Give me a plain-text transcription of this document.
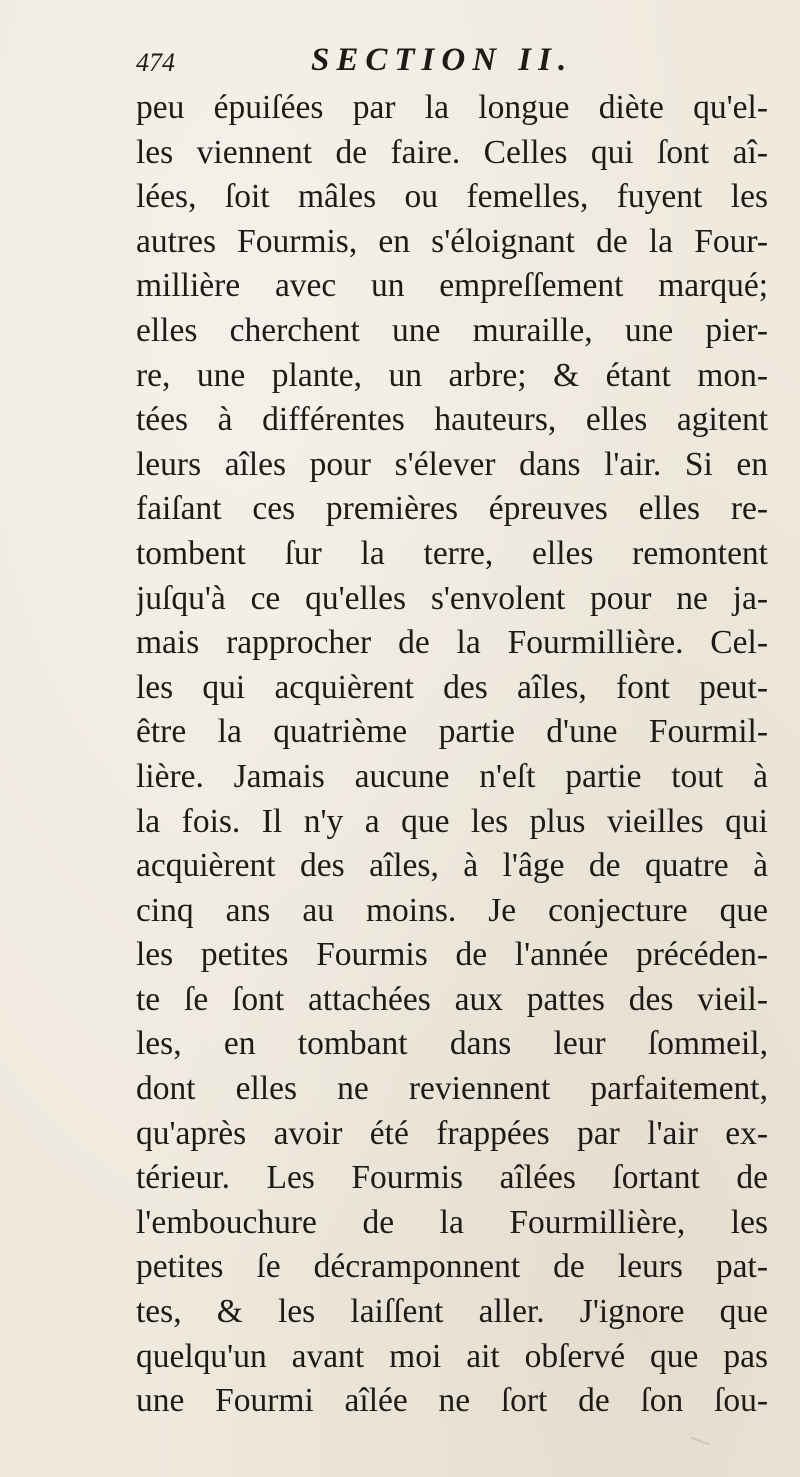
474	SECTION II.
peu épuiſées par la longue diète qu'el-
les viennent de faire. Celles qui ſont aî-
lées, ſoit mâles ou femelles, fuyent les
autres Fourmis, en s'éloignant de la Four-
millière avec un empreſſement marqué;
elles cherchent une muraille, une pier-
re, une plante, un arbre; & étant mon-
tées à différentes hauteurs, elles agitent
leurs aîles pour s'élever dans l'air. Si en
faiſant ces premières épreuves elles re-
tombent ſur la terre, elles remontent
juſqu'à ce qu'elles s'envolent pour ne ja-
mais rapprocher de la Fourmillière. Cel-
les qui acquièrent des aîles, font peut-
être la quatrième partie d'une Fourmil-
lière. Jamais aucune n'eſt partie tout à
la fois. Il n'y a que les plus vieilles qui
acquièrent des aîles, à l'âge de quatre à
cinq ans au moins. Je conjecture que
les petites Fourmis de l'année précéden-
te ſe ſont attachées aux pattes des vieil-
les, en tombant dans leur ſommeil,
dont elles ne reviennent parfaitement,
qu'après avoir été frappées par l'air ex-
térieur. Les Fourmis aîlées ſortant de
l'embouchure de la Fourmillière, les
petites ſe décramponnent de leurs pat-
tes, & les laiſſent aller. J'ignore que
quelqu'un avant moi ait obſervé que pas
une Fourmi aîlée ne ſort de ſon ſou-
